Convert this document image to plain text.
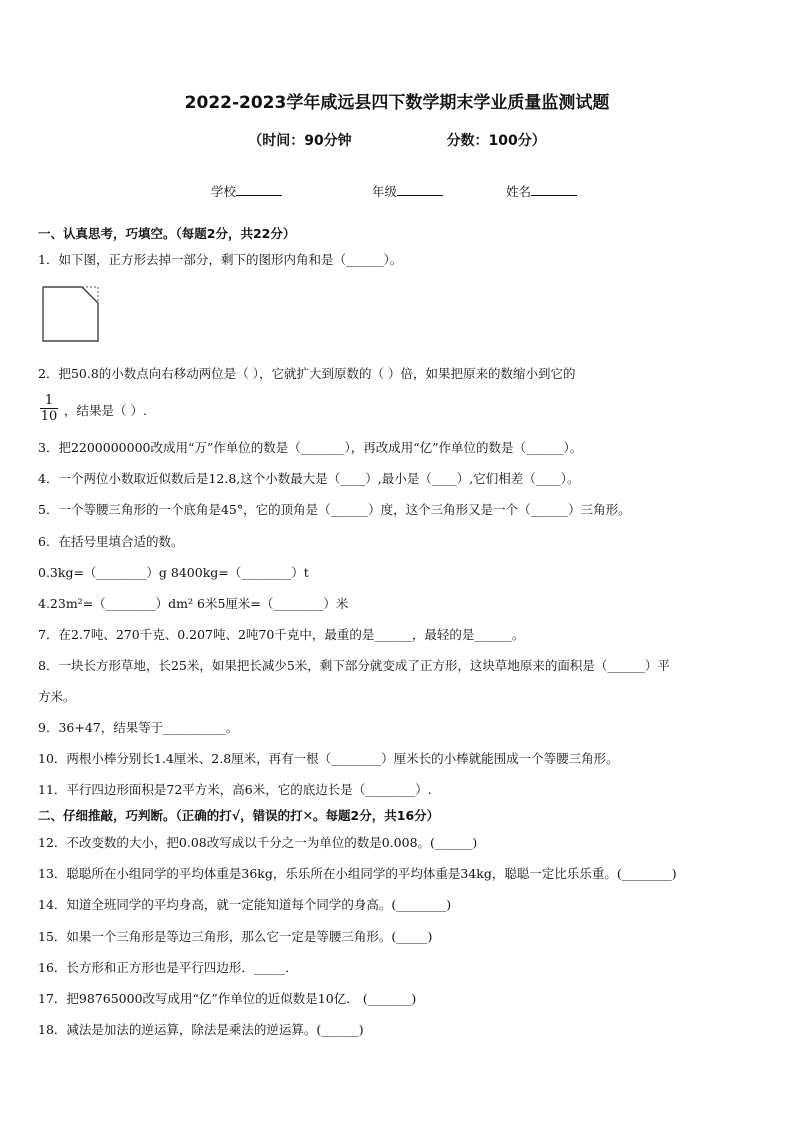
2022-2023学年咸远县四下数学期末学业质量监测试题
（时间：90分钟	分数：100分）
学校	年级	姓名
一、认真思考，巧填空。（每题2分，共22分）
1．如下图，正方形去掉一部分，剩下的图形内角和是（______）。
2．把50.8的小数点向右移动两位是（ ），它就扩大到原数的（ ）倍，如果把原来的数缩小到它的
$\frac{1}{10}$ ，结果是（ ）.
3．把2200000000改成用“万”作单位的数是（_______），再改成用“亿”作单位的数是（______）。
4．一个两位小数取近似数后是12.8,这个小数最大是（____）,最小是（____）,它们相差（____）。
5．一个等腰三角形的一个底角是45°，它的顶角是（______）度，这个三角形又是一个（______）三角形。
6．在括号里填合适的数。
0.3kg=（________）g 8400kg=（________）t
4.23m²=（________）dm² 6米5厘米=（________）米
7．在2.7吨、270千克、0.207吨、2吨70千克中，最重的是______，最轻的是______。
8．一块长方形草地，长25米，如果把长减少5米，剩下部分就变成了正方形，这块草地原来的面积是（______）平
方米。
9．36+47，结果等于__________。
10．两根小棒分别长1.4厘米、2.8厘米，再有一根（________）厘米长的小棒就能围成一个等腰三角形。
11．平行四边形面积是72平方米，高6米，它的底边长是（________）.
二、仔细推敲，巧判断。（正确的打√，错误的打✕。每题2分，共16分）
12．不改变数的大小，把0.08改写成以千分之一为单位的数是0.008。(______)
13．聪聪所在小组同学的平均体重是36kg，乐乐所在小组同学的平均体重是34kg，聪聪一定比乐乐重。(________)
14．知道全班同学的平均身高，就一定能知道每个同学的身高。(________)
15．如果一个三角形是等边三角形，那么它一定是等腰三角形。(_____)
16．长方形和正方形也是平行四边形．_____．
17．把98765000改写成用“亿”作单位的近似数是10亿． (_______)
18．减法是加法的逆运算，除法是乘法的逆运算。(______)
